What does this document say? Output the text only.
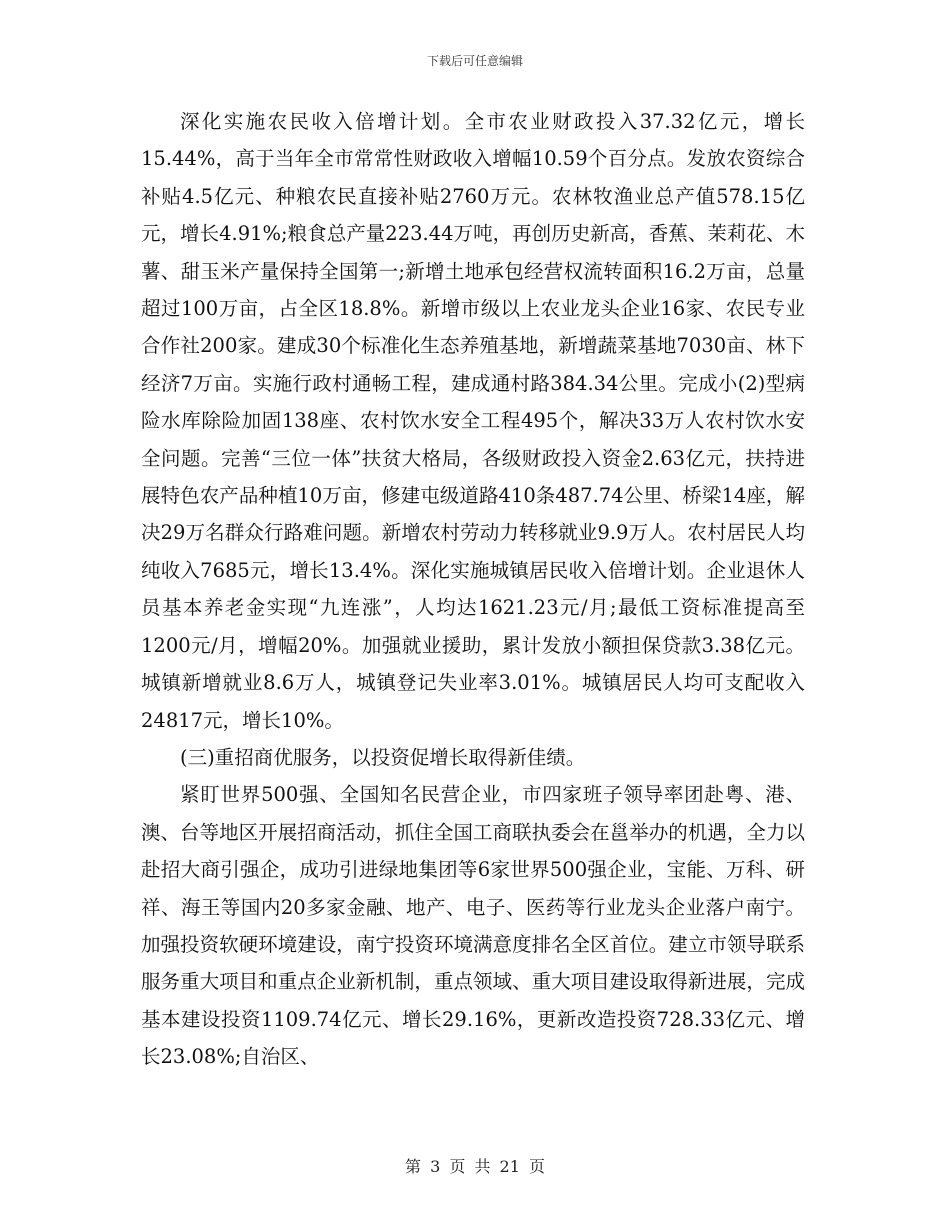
下载后可任意编辑

深化实施农民收入倍增计划。全市农业财政投入37.32亿元，增长15.44%，高于当年全市常常性财政收入增幅10.59个百分点。发放农资综合补贴4.5亿元、种粮农民直接补贴2760万元。农林牧渔业总产值578.15亿元，增长4.91%;粮食总产量223.44万吨，再创历史新高，香蕉、茉莉花、木薯、甜玉米产量保持全国第一;新增土地承包经营权流转面积16.2万亩，总量超过100万亩，占全区18.8%。新增市级以上农业龙头企业16家、农民专业合作社200家。建成30个标准化生态养殖基地，新增蔬菜基地7030亩、林下经济7万亩。实施行政村通畅工程，建成通村路384.34公里。完成小(2)型病险水库除险加固138座、农村饮水安全工程495个，解决33万人农村饮水安全问题。完善“三位一体”扶贫大格局，各级财政投入资金2.63亿元，扶持进展特色农产品种植10万亩，修建屯级道路410条487.74公里、桥梁14座，解决29万名群众行路难问题。新增农村劳动力转移就业9.9万人。农村居民人均纯收入7685元，增长13.4%。深化实施城镇居民收入倍增计划。企业退休人员基本养老金实现“九连涨”，人均达1621.23元/月;最低工资标准提高至1200元/月，增幅20%。加强就业援助，累计发放小额担保贷款3.38亿元。城镇新增就业8.6万人，城镇登记失业率3.01%。城镇居民人均可支配收入24817元，增长10%。

(三)重招商优服务，以投资促增长取得新佳绩。

紧盯世界500强、全国知名民营企业，市四家班子领导率团赴粤、港、澳、台等地区开展招商活动，抓住全国工商联执委会在邕举办的机遇，全力以赴招大商引强企，成功引进绿地集团等6家世界500强企业，宝能、万科、研祥、海王等国内20多家金融、地产、电子、医药等行业龙头企业落户南宁。加强投资软硬环境建设，南宁投资环境满意度排名全区首位。建立市领导联系服务重大项目和重点企业新机制，重点领域、重大项目建设取得新进展，完成基本建设投资1109.74亿元、增长29.16%，更新改造投资728.33亿元、增长23.08%;自治区、

第 3 页 共 21 页
